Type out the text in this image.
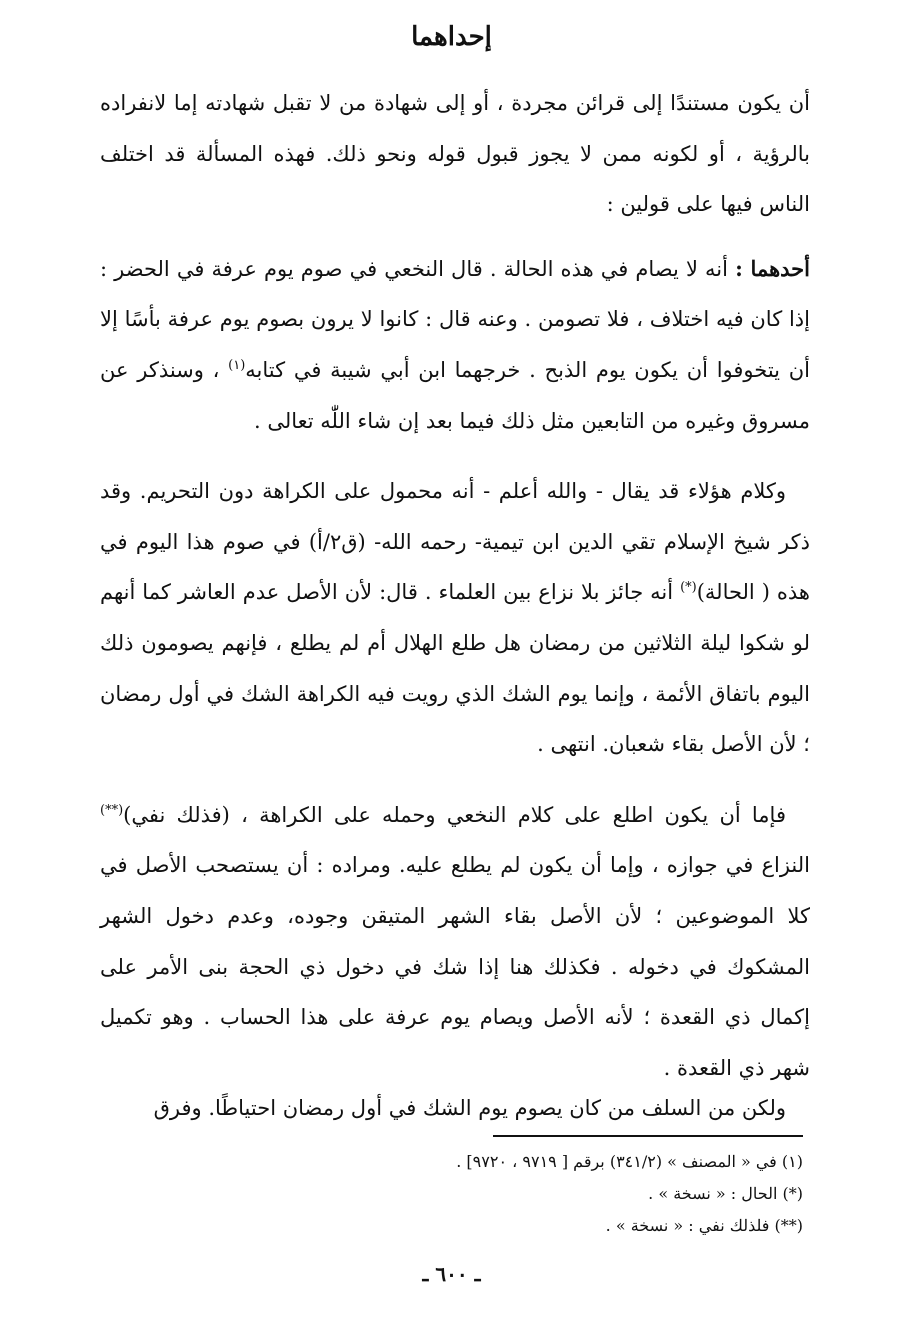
إحداهما

أن يكون مستندًا إلى قرائن مجردة ، أو إلى شهادة من لا تقبل شهادته إما لانفراده بالرؤية ، أو لكونه ممن لا يجوز قبول قوله ونحو ذلك. فهذه المسألة قد اختلف الناس فيها على قولين :

أحدهما : أنه لا يصام في هذه الحالة . قال النخعي في صوم يوم عرفة في الحضر : إذا كان فيه اختلاف ، فلا تصومن . وعنه قال : كانوا لا يرون بصوم يوم عرفة بأسًا إلا أن يتخوفوا أن يكون يوم الذبح . خرجهما ابن أبي شيبة في كتابه$^{(١)}$ ، وسنذكر عن مسروق وغيره من التابعين مثل ذلك فيما بعد إن شاء اللّٰه تعالى .

وكلام هؤلاء قد يقال - والله أعلم - أنه محمول على الكراهة دون التحريم. وقد ذكر شيخ الإسلام تقي الدين ابن تيمية- رحمه الله- (ق٢/أ) في صوم هذا اليوم في هذه ( الحالة)(*) أنه جائز بلا نزاع بين العلماء . قال: لأن الأصل عدم العاشر كما أنهم لو شكوا ليلة الثلاثين من رمضان هل طلع الهلال أم لم يطلع ، فإنهم يصومون ذلك اليوم باتفاق الأئمة ، وإنما يوم الشك الذي رويت فيه الكراهة الشك في أول رمضان ؛ لأن الأصل بقاء شعبان. انتهى .

فإما أن يكون اطلع على كلام النخعي وحمله على الكراهة ، (فذلك نفي)(**) النزاع في جوازه ، وإما أن يكون لم يطلع عليه. ومراده : أن يستصحب الأصل في كلا الموضوعين ؛ لأن الأصل بقاء الشهر المتيقن وجوده، وعدم دخول الشهر المشكوك في دخوله . فكذلك هنا إذا شك في دخول ذي الحجة بنى الأمر على إكمال ذي القعدة ؛ لأنه الأصل ويصام يوم عرفة على هذا الحساب . وهو تكميل شهر ذي القعدة .

ولكن من السلف من كان يصوم يوم الشك في أول رمضان احتياطًا. وفرق

(١) في « المصنف » (٣٤١/٢) برقم [ ٩٧١٩ ، ٩٧٢٠] .

(*) الحال : « نسخة » .

(**) فلذلك نفي : « نسخة » .

ـ ٦٠٠ ـ
